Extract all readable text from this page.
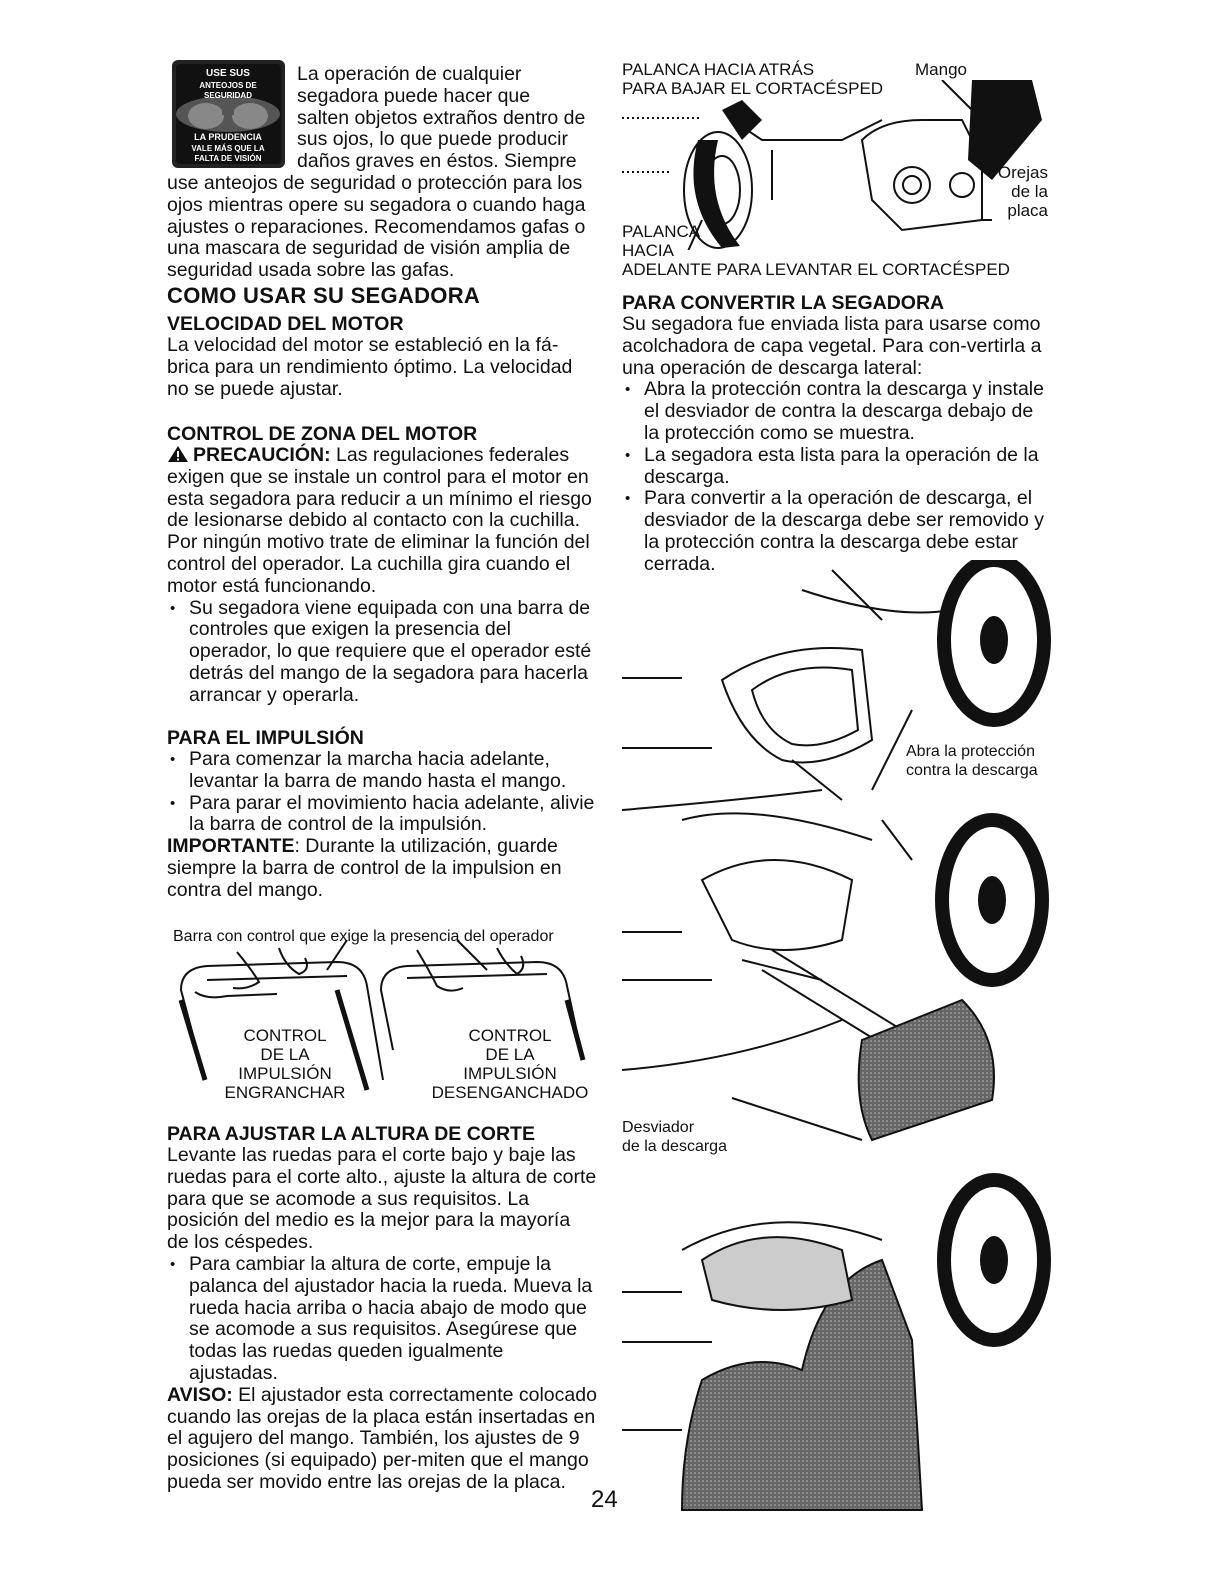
USE SUS
ANTEOJOS DE
SEGURIDAD
LA PRUDENCIA
VALE MÁS QUE LA
FALTA DE VISIÓN

La operación de cualquier

segadora puede hacer que

salten objetos extraños dentro de

sus ojos, lo que puede producir

daños graves en éstos. Siempre

use anteojos de seguridad o protección para los ojos mientras opere su segadora o cuando haga ajustes o reparaciones. Recomendamos gafas o una mascara de seguridad de visión amplia de seguridad usada sobre las gafas.

COMO USAR SU SEGADORA

VELOCIDAD DEL MOTOR

La velocidad del motor se estableció en la fá-brica para un rendimiento óptimo. La velocidad no se puede ajustar.

CONTROL DE ZONA DEL MOTOR

PRECAUCIÓN: Las regulaciones federales exigen que se instale un control para el motor en esta segadora para reducir a un mínimo el riesgo de lesionarse debido al contacto con la cuchilla. Por ningún motivo trate de eliminar la función del control del operador. La cuchilla gira cuando el motor está funcionando.

• Su segadora viene equipada con una barra de controles que exigen la presencia del operador, lo que requiere que el operador esté detrás del mango de la segadora para hacerla arrancar y operarla.

PARA EL IMPULSIÓN

• Para comenzar la marcha hacia adelante, levantar la barra de mando hasta el mango.
• Para parar el movimiento hacia adelante, alivie la barra de control de la impulsión.

IMPORTANTE: Durante la utilización, guarde siempre la barra de control de la impulsion en contra del mango.

Barra con control que exige la presencia del operador

CONTROL
DE LA
IMPULSIÓN
ENGRANCHAR
CONTROL
DE LA
IMPULSIÓN
DESENGANCHADO

PARA AJUSTAR LA ALTURA DE CORTE

Levante las ruedas para el corte bajo y baje las ruedas para el corte alto., ajuste la altura de corte para que se acomode a sus requisitos. La posición del medio es la mejor para la mayoría de los céspedes.

• Para cambiar la altura de corte, empuje la palanca del ajustador hacia la rueda. Mueva la rueda hacia arriba o hacia abajo de modo que se acomode a sus requisitos. Asegúrese que todas las ruedas queden igualmente ajustadas.

AVISO: El ajustador esta correctamente colocado cuando las orejas de la placa están insertadas en el agujero del mango. También, los ajustes de 9 posiciones (si equipado) per-miten que el mango pueda ser movido entre las orejas de la placa.

24
PALANCA HACIA ATRÁS
PARA BAJAR EL CORTACÉSPED
Mango
Orejas
de la
placa
PALANCA
HACIA
ADELANTE PARA LEVANTAR EL CORTACÉSPED

PARA CONVERTIR LA SEGADORA

Su segadora fue enviada lista para usarse como acolchadora de capa vegetal. Para con-vertirla a una operación de descarga lateral:

• Abra la protección contra la descarga y instale el desviador de contra la descarga debajo de la protección como se muestra.
• La segadora esta lista para la operación de la descarga.
• Para convertir a la operación de descarga, el desviador de la descarga debe ser removido y la protección contra la descarga debe estar cerrada.
Abra la protección
contra la descarga
Desviador
de la descarga
